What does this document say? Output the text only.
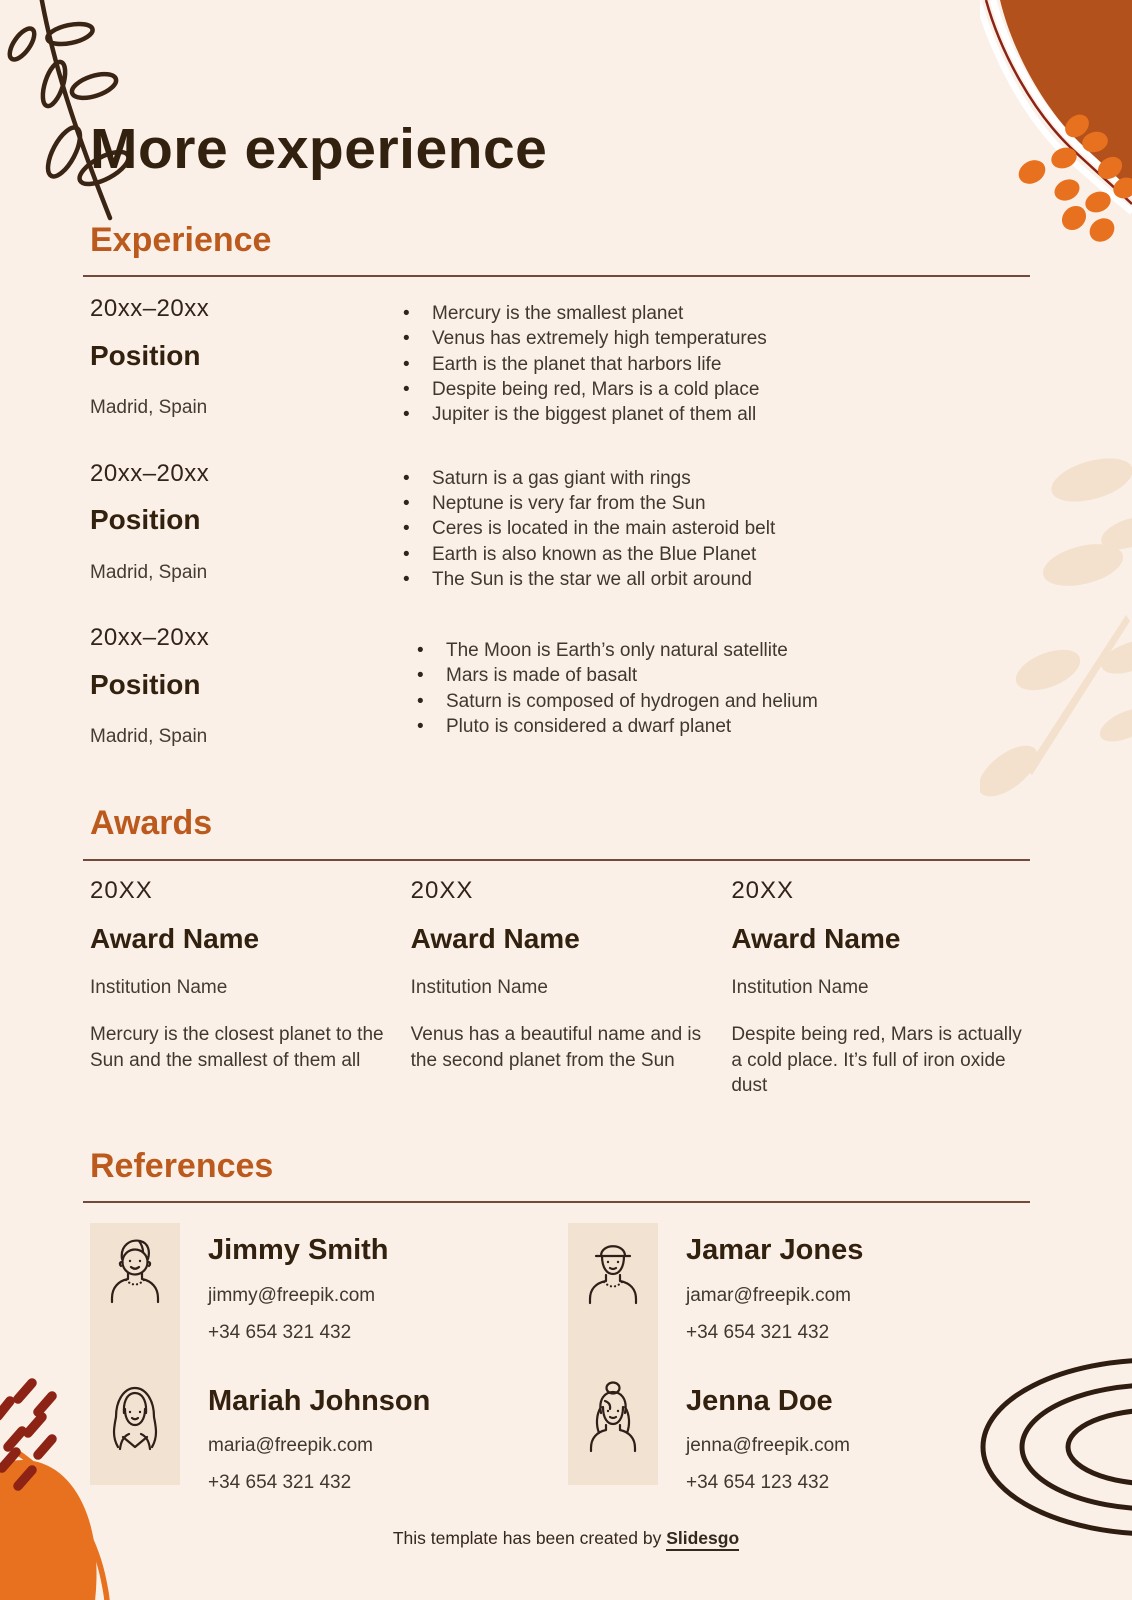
More experience
Experience
20xx–20xx
Position
Madrid, Spain
• Mercury is the smallest planet
• Venus has extremely high temperatures
• Earth is the planet that harbors life
• Despite being red, Mars is a cold place
• Jupiter is the biggest planet of them all
20xx–20xx
Position
Madrid, Spain
• Saturn is a gas giant with rings
• Neptune is very far from the Sun
• Ceres is located in the main asteroid belt
• Earth is also known as the Blue Planet
• The Sun is the star we all orbit around
20xx–20xx
Position
Madrid, Spain
• The Moon is Earth’s only natural satellite
• Mars is made of basalt
• Saturn is composed of hydrogen and helium
• Pluto is considered a dwarf planet
Awards
20XX
Award Name
Institution Name
Mercury is the closest planet to the Sun and the smallest of them all
20XX
Award Name
Institution Name
Venus has a beautiful name and is the second planet from the Sun
20XX
Award Name
Institution Name
Despite being red, Mars is actually a cold place. It’s full of iron oxide dust
References
Jimmy Smith
jimmy@freepik.com
+34 654 321 432
Mariah Johnson
maria@freepik.com
+34 654 321 432
Jamar Jones
jamar@freepik.com
+34 654 321 432
Jenna Doe
jenna@freepik.com
+34 654 123 432
This template has been created by Slidesgo
